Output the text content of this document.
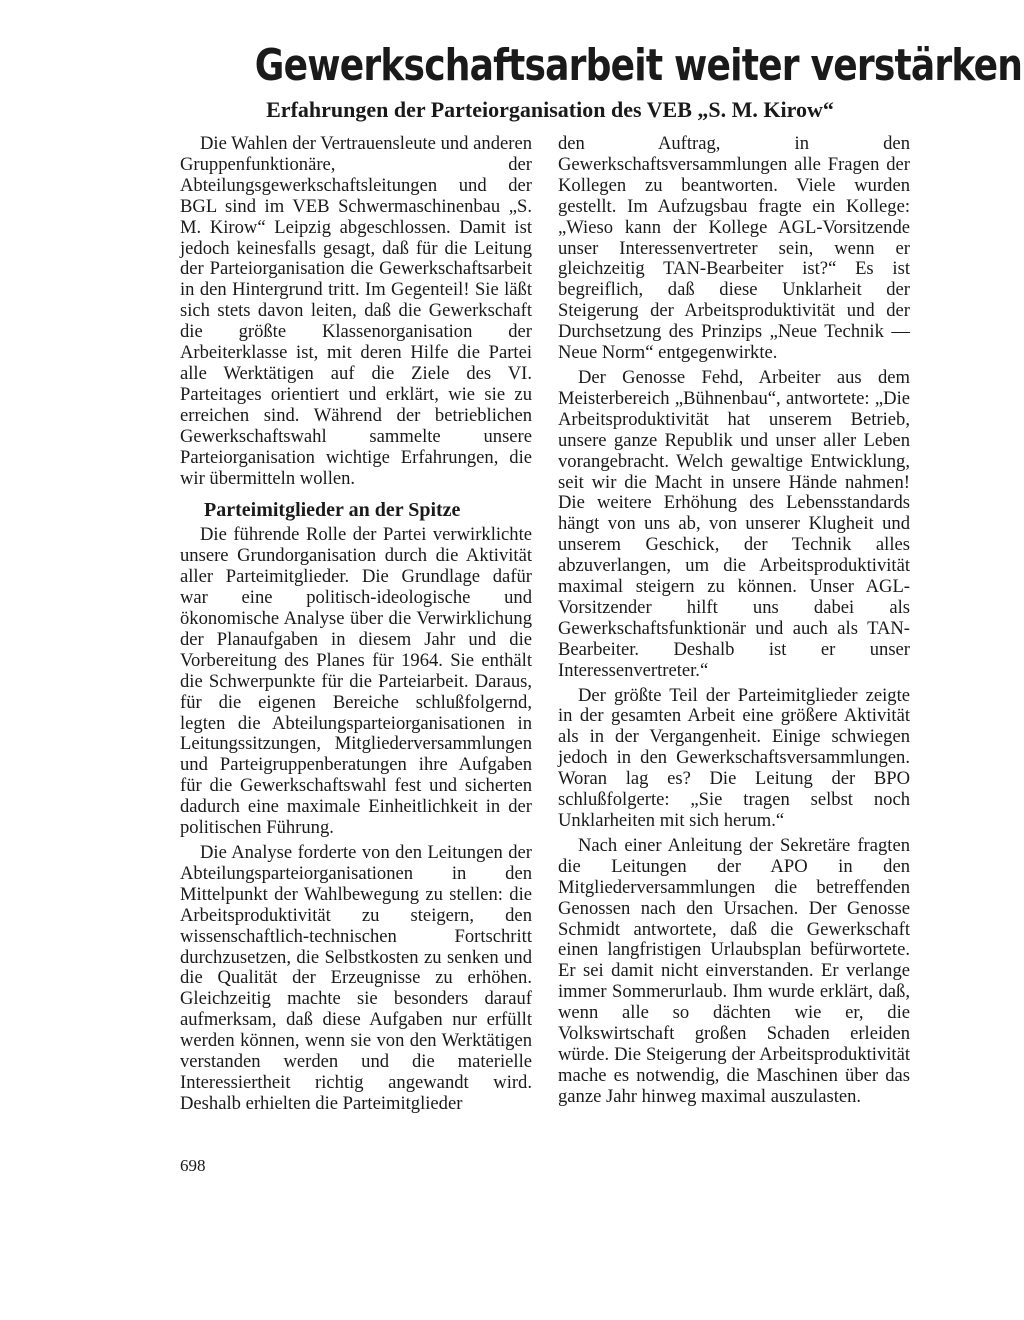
Gewerkschaftsarbeit weiter verstärken
Erfahrungen der Parteiorganisation des VEB „S. M. Kirow“

Die Wahlen der Vertrauensleute und anderen Gruppenfunktionäre, der Abteilungsgewerkschaftsleitungen und der BGL sind im VEB Schwermaschinenbau „S. M. Kirow“ Leipzig abgeschlossen. Damit ist jedoch keinesfalls gesagt, daß für die Leitung der Parteiorganisation die Gewerkschaftsarbeit in den Hintergrund tritt. Im Gegenteil! Sie läßt sich stets davon leiten, daß die Gewerkschaft die größte Klassenorganisation der Arbeiterklasse ist, mit deren Hilfe die Partei alle Werktätigen auf die Ziele des VI. Parteitages orientiert und erklärt, wie sie zu erreichen sind. Während der betrieblichen Gewerkschaftswahl sammelte unsere Parteiorganisation wichtige Erfahrungen, die wir übermitteln wollen.

Parteimitglieder an der Spitze

Die führende Rolle der Partei verwirklichte unsere Grundorganisation durch die Aktivität aller Parteimitglieder. Die Grundlage dafür war eine politisch-ideologische und ökonomische Analyse über die Verwirklichung der Planaufgaben in diesem Jahr und die Vorbereitung des Planes für 1964. Sie enthält die Schwerpunkte für die Parteiarbeit. Daraus, für die eigenen Bereiche schlußfolgernd, legten die Abteilungsparteiorganisationen in Leitungssitzungen, Mitgliederversammlungen und Parteigruppenberatungen ihre Aufgaben für die Gewerkschaftswahl fest und sicherten dadurch eine maximale Einheitlichkeit in der politischen Führung.

Die Analyse forderte von den Leitungen der Abteilungsparteiorganisationen in den Mittelpunkt der Wahlbewegung zu stellen: die Arbeitsproduktivität zu steigern, den wissenschaftlich-technischen Fortschritt durchzusetzen, die Selbstkosten zu senken und die Qualität der Erzeugnisse zu erhöhen. Gleichzeitig machte sie besonders darauf aufmerksam, daß diese Aufgaben nur erfüllt werden können, wenn sie von den Werktätigen verstanden werden und die materielle Interessiertheit richtig angewandt wird. Deshalb erhielten die Parteimitglieder

den Auftrag, in den Gewerkschaftsversammlungen alle Fragen der Kollegen zu beantworten. Viele wurden gestellt. Im Aufzugsbau fragte ein Kollege: „Wieso kann der Kollege AGL-Vorsitzende unser Interessenvertreter sein, wenn er gleichzeitig TAN-Bearbeiter ist?“ Es ist begreiflich, daß diese Unklarheit der Steigerung der Arbeitsproduktivität und der Durchsetzung des Prinzips „Neue Technik — Neue Norm“ entgegenwirkte.

Der Genosse Fehd, Arbeiter aus dem Meisterbereich „Bühnenbau“, antwortete: „Die Arbeitsproduktivität hat unserem Betrieb, unsere ganze Republik und unser aller Leben vorangebracht. Welch gewaltige Entwicklung, seit wir die Macht in unsere Hände nahmen! Die weitere Erhöhung des Lebensstandards hängt von uns ab, von unserer Klugheit und unserem Geschick, der Technik alles abzuverlangen, um die Arbeitsproduktivität maximal steigern zu können. Unser AGL-Vorsitzender hilft uns dabei als Gewerkschaftsfunktionär und auch als TAN-Bearbeiter. Deshalb ist er unser Interessenvertreter.“

Der größte Teil der Parteimitglieder zeigte in der gesamten Arbeit eine größere Aktivität als in der Vergangenheit. Einige schwiegen jedoch in den Gewerkschaftsversammlungen. Woran lag es? Die Leitung der BPO schlußfolgerte: „Sie tragen selbst noch Unklarheiten mit sich herum.“

Nach einer Anleitung der Sekretäre fragten die Leitungen der APO in den Mitgliederversammlungen die betreffenden Genossen nach den Ursachen. Der Genosse Schmidt antwortete, daß die Gewerkschaft einen langfristigen Urlaubsplan befürwortete. Er sei damit nicht einverstanden. Er verlange immer Sommerurlaub. Ihm wurde erklärt, daß, wenn alle so dächten wie er, die Volkswirtschaft großen Schaden erleiden würde. Die Steigerung der Arbeitsproduktivität mache es notwendig, die Maschinen über das ganze Jahr hinweg maximal auszulasten.

698
